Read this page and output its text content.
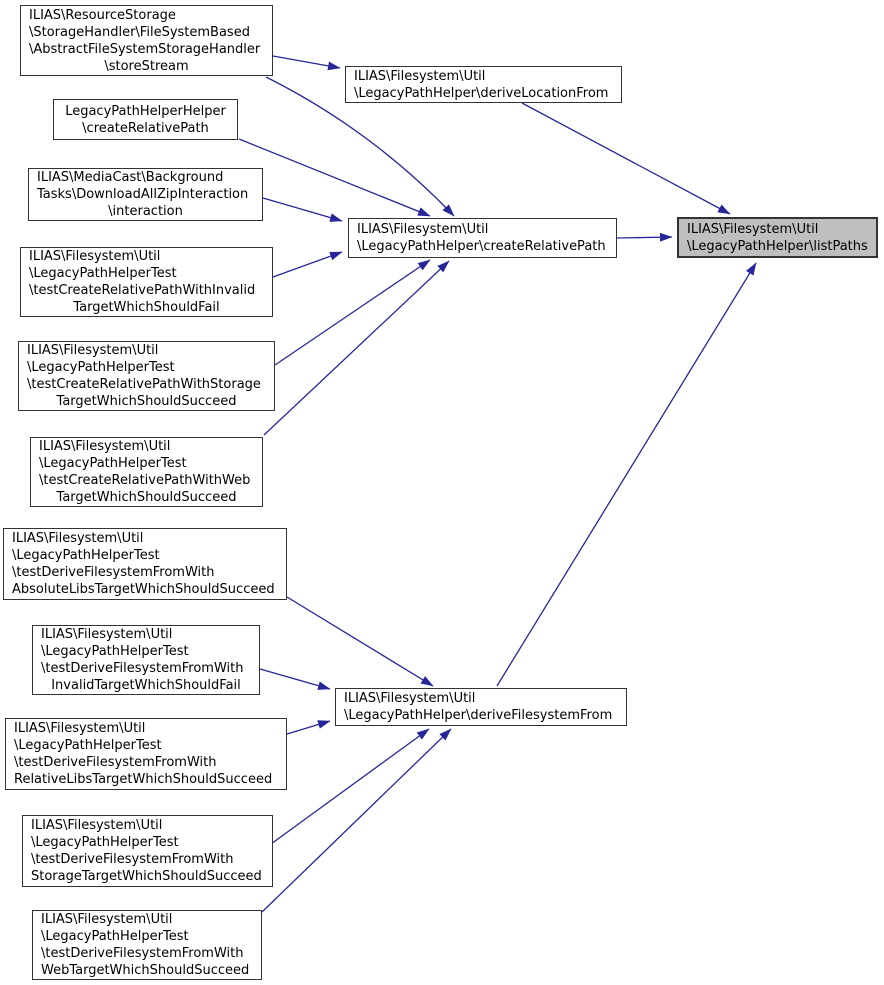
ILIAS\ResourceStorage
\StorageHandler\FileSystemBased
\AbstractFileSystemStorageHandler
\storeStream
LegacyPathHelperHelper
\createRelativePath
ILIAS\MediaCast\Background
Tasks\DownloadAllZipInteraction
\interaction
ILIAS\Filesystem\Util
\LegacyPathHelperTest
\testCreateRelativePathWithInvalid
TargetWhichShouldFail
ILIAS\Filesystem\Util
\LegacyPathHelperTest
\testCreateRelativePathWithStorage
TargetWhichShouldSucceed
ILIAS\Filesystem\Util
\LegacyPathHelperTest
\testCreateRelativePathWithWeb
TargetWhichShouldSucceed
ILIAS\Filesystem\Util
\LegacyPathHelperTest
\testDeriveFilesystemFromWith
AbsoluteLibsTargetWhichShouldSucceed
ILIAS\Filesystem\Util
\LegacyPathHelperTest
\testDeriveFilesystemFromWith
InvalidTargetWhichShouldFail
ILIAS\Filesystem\Util
\LegacyPathHelperTest
\testDeriveFilesystemFromWith
RelativeLibsTargetWhichShouldSucceed
ILIAS\Filesystem\Util
\LegacyPathHelperTest
\testDeriveFilesystemFromWith
StorageTargetWhichShouldSucceed
ILIAS\Filesystem\Util
\LegacyPathHelperTest
\testDeriveFilesystemFromWith
WebTargetWhichShouldSucceed
ILIAS\Filesystem\Util
\LegacyPathHelper\deriveLocationFrom
ILIAS\Filesystem\Util
\LegacyPathHelper\createRelativePath
ILIAS\Filesystem\Util
\LegacyPathHelper\deriveFilesystemFrom
ILIAS\Filesystem\Util
\LegacyPathHelper\listPaths
